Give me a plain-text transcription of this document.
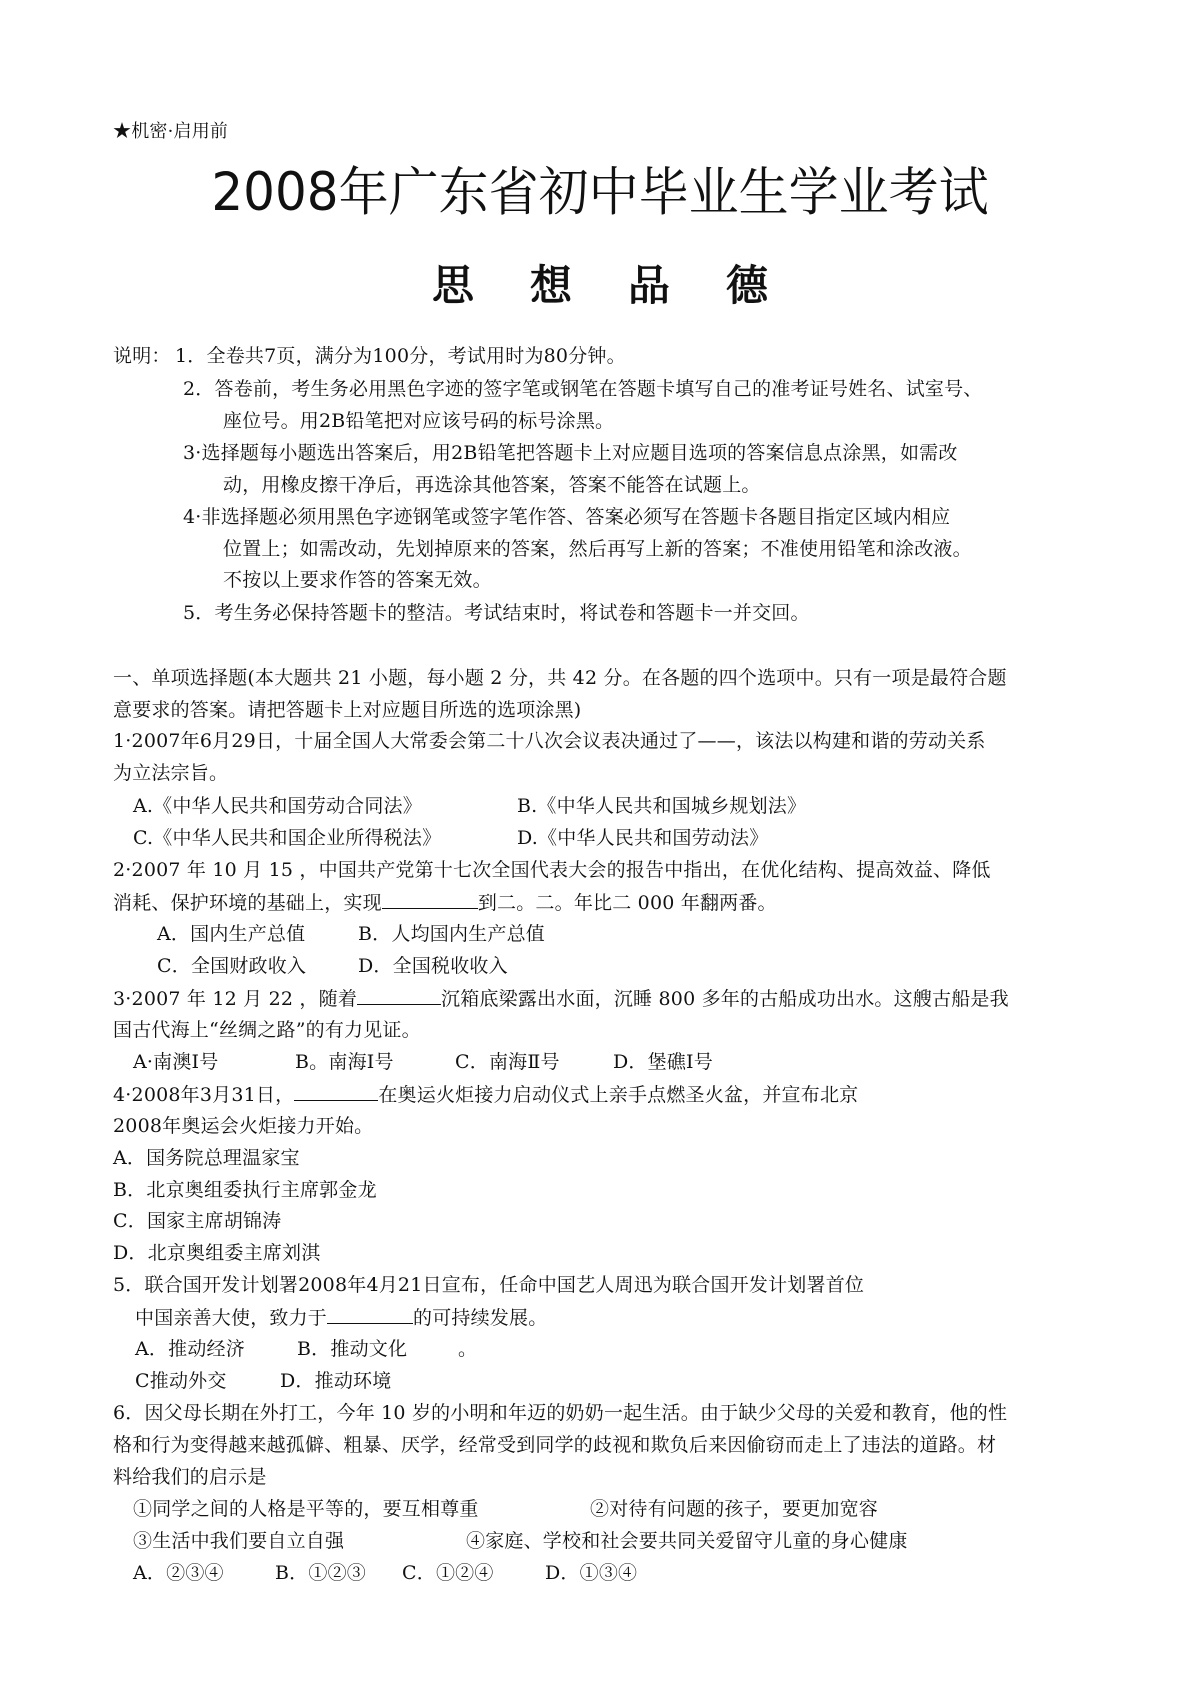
★机密·启用前
2008年广东省初中毕业生学业考试
思 想 品 德
说明： 1．全卷共7页，满分为100分，考试用时为80分钟。
2．答卷前，考生务必用黑色字迹的签字笔或钢笔在答题卡填写自己的准考证号姓名、试室号、
座位号。用2B铅笔把对应该号码的标号涂黑。
3·选择题每小题选出答案后，用2B铅笔把答题卡上对应题目选项的答案信息点涂黑，如需改
动，用橡皮擦干净后，再选涂其他答案，答案不能答在试题上。
4·非选择题必须用黑色字迹钢笔或签字笔作答、答案必须写在答题卡各题目指定区域内相应
位置上；如需改动，先划掉原来的答案，然后再写上新的答案；不准使用铅笔和涂改液。
不按以上要求作答的答案无效。
5．考生务必保持答题卡的整洁。考试结束时，将试卷和答题卡一并交回。
一、单项选择题(本大题共 21 小题，每小题 2 分，共 42 分。在各题的四个选项中。只有一项是最符合题
意要求的答案。请把答题卡上对应题目所选的选项涂黑)
1·2007年6月29日，十届全国人大常委会第二十八次会议表决通过了——，该法以构建和谐的劳动关系
为立法宗旨。
A.《中华人民共和国劳动合同法》	B.《中华人民共和国城乡规划法》
C.《中华人民共和国企业所得税法》	D.《中华人民共和国劳动法》
2·2007 年 10 月 15 ，中国共产党第十七次全国代表大会的报告中指出，在优化结构、提高效益、降低
消耗、保护环境的基础上，实现	到二。二。年比二 000 年翻两番。
A．国内生产总值	B．人均国内生产总值
C．全国财政收入	D．全国税收收入
3·2007 年 12 月 22 ，随着	沉箱底梁露出水面，沉睡 800 多年的古船成功出水。这艘古船是我
国古代海上“丝绸之路”的有力见证。
A·南澳Ⅰ号	B。南海Ⅰ号	C．南海Ⅱ号	D．堡礁Ⅰ号
4·2008年3月31日，	在奥运火炬接力启动仪式上亲手点燃圣火盆，并宣布北京
2008年奥运会火炬接力开始。
A．国务院总理温家宝
B．北京奥组委执行主席郭金龙
C．国家主席胡锦涛
D．北京奥组委主席刘淇
5．联合国开发计划署2008年4月21日宣布，任命中国艺人周迅为联合国开发计划署首位
中国亲善大使，致力于	的可持续发展。
A．推动经济	B．推动文化	。
C推动外交	D．推动环境
6．因父母长期在外打工，今年 10 岁的小明和年迈的奶奶一起生活。由于缺少父母的关爱和教育，他的性
格和行为变得越来越孤僻、粗暴、厌学，经常受到同学的歧视和欺负后来因偷窃而走上了违法的道路。材
料给我们的启示是
①同学之间的人格是平等的，要互相尊重	②对待有问题的孩子，要更加宽容
③生活中我们要自立自强	④家庭、学校和社会要共同关爱留守儿童的身心健康
A．②③④	B．①②③ C．①②④	D．①③④
